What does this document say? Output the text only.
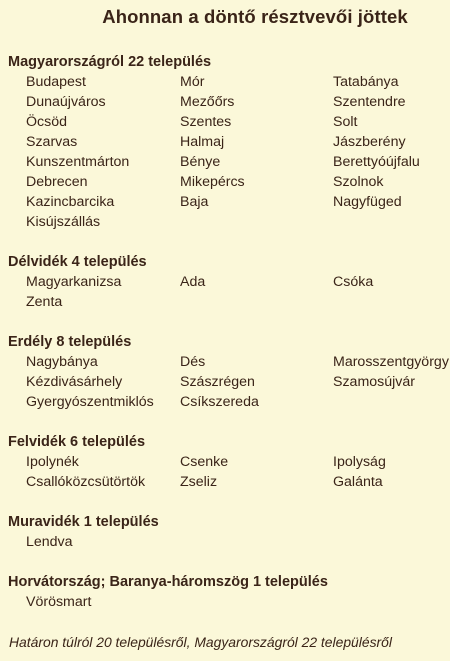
Ahonnan a döntő résztvevői jöttek
Magyarországról 22 település
Budapest	Mór	Tatabánya
Dunaújváros	Mezőőrs	Szentendre
Öcsöd	Szentes	Solt
Szarvas	Halmaj	Jászberény
Kunszentmárton	Bénye	Berettyóújfalu
Debrecen	Mikepércs	Szolnok
Kazincbarcika	Baja	Nagyfüged
Kisújszállás
Délvidék 4 település
Magyarkanizsa	Ada	Csóka
Zenta
Erdély 8 település
Nagybánya	Dés	Marosszentgyörgy
Kézdivásárhely	Szászrégen	Szamosújvár
Gyergyószentmiklós	Csíkszereda
Felvidék 6 település
Ipolynék	Csenke	Ipolyság
Csallóközcsütörtök	Zseliz	Galánta
Muravidék 1 település
Lendva
Horvátország; Baranya-háromszög 1 település
Vörösmart
Határon túlról 20 településről, Magyarországról 22 településről
